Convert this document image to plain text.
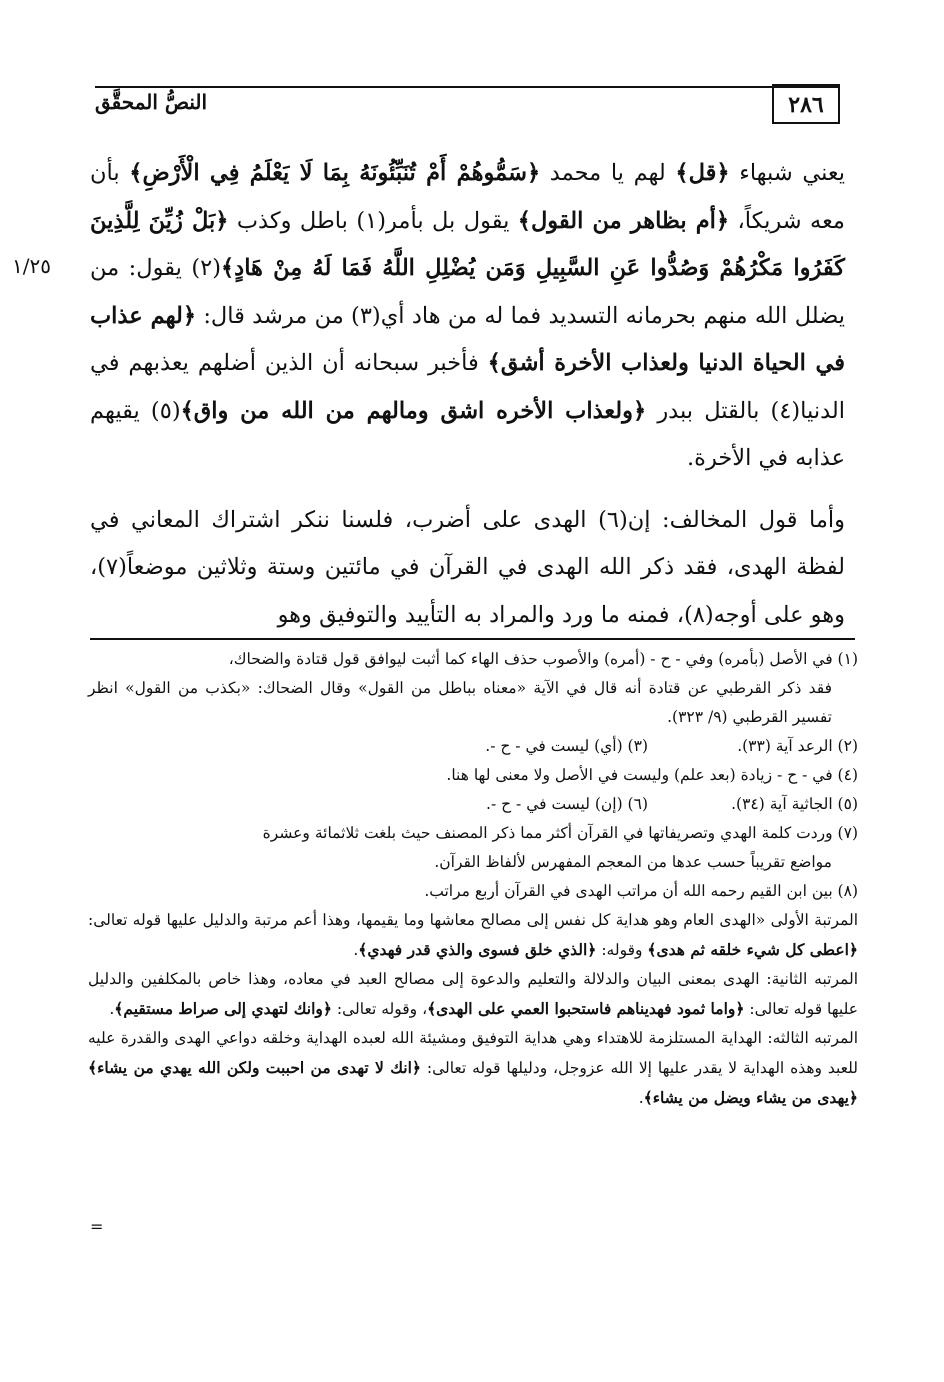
النصُّ المحقَّق	٢٨٦
١/٢٥

يعني شبهاء ﴿قل﴾ لهم يا محمد ﴿سَمُّوهُمْ أَمْ تُنَبِّئُونَهُ بِمَا لَا يَعْلَمُ فِي الْأَرْضِ﴾ بأن معه شريكاً، ﴿أم بظاهر من القول﴾ يقول بل بأمر(١) باطل وكذب ﴿بَلْ زُيِّنَ لِلَّذِينَ كَفَرُوا مَكْرُهُمْ وَصُدُّوا عَنِ السَّبِيلِ وَمَن يُضْلِلِ اللَّهُ فَمَا لَهُ مِنْ هَادٍ﴾(٢) يقول: من يضلل الله منهم بحرمانه التسديد فما له من هاد أي(٣) من مرشد قال: ﴿لهم عذاب في الحياة الدنيا ولعذاب الأخرة أشق﴾ فأخبر سبحانه أن الذين أضلهم يعذبهم في الدنيا(٤) بالقتل ببدر ﴿ولعذاب الأخره اشق ومالهم من الله من واق﴾(٥) يقيهم عذابه في الأخرة.

وأما قول المخالف: إن(٦) الهدى على أضرب، فلسنا ننكر اشتراك المعاني في لفظة الهدى، فقد ذكر الله الهدى في القرآن في مائتين وستة وثلاثين موضعاً(٧)، وهو على أوجه(٨)، فمنه ما ورد والمراد به التأييد والتوفيق وهو

(١) في الأصل (بأمره) وفي - ح - (أمره) والأصوب حذف الهاء كما أثبت ليوافق قول قتادة والضحاك،

فقد ذكر القرطبي عن قتادة أنه قال في الآية «معناه بباطل من القول» وقال الضحاك: «بكذب من القول» انظر تفسير القرطبي (٩/ ٣٢٣).

(٢) الرعد آية (٣٣).
(٣) (أي) ليست في - ح -.

(٤) في - ح - زيادة (بعد علم) وليست في الأصل ولا معنى لها هنا.

(٥) الجاثية آية (٣٤).
(٦) (إن) ليست في - ح -.

(٧) وردت كلمة الهدي وتصريفاتها في القرآن أكثر مما ذكر المصنف حيث بلغت ثلاثمائة وعشرة

مواضع تقريباً حسب عدها من المعجم المفهرس لألفاظ القرآن.

(٨) بين ابن القيم رحمه الله أن مراتب الهدى في القرآن أربع مراتب.

المرتبة الأولى «الهدى العام وهو هداية كل نفس إلى مصالح معاشها وما يقيمها، وهذا أعم مرتبة والدليل عليها قوله تعالى: ﴿اعطى كل شيء خلقه ثم هدى﴾ وقوله: ﴿الذي خلق فسوى والذي قدر فهدي﴾.

المرتبه الثانية: الهدى بمعنى البيان والدلالة والتعليم والدعوة إلى مصالح العبد في معاده، وهذا خاص بالمكلفين والدليل عليها قوله تعالى: ﴿واما ثمود فهديناهم فاستحبوا العمي على الهدى﴾، وقوله تعالى: ﴿وانك لتهدي إلى صراط مستقيم﴾.

المرتبه الثالثه: الهداية المستلزمة للاهتداء وهي هداية التوفيق ومشيئة الله لعبده الهداية وخلقه دواعي الهدى والقدرة عليه للعبد وهذه الهداية لا يقدر عليها إلا الله عزوجل، ودليلها قوله تعالى: ﴿انك لا تهدى من احببت ولكن الله يهدي من يشاء﴾ ﴿يهدى من يشاء ويضل من يشاء﴾.

=
